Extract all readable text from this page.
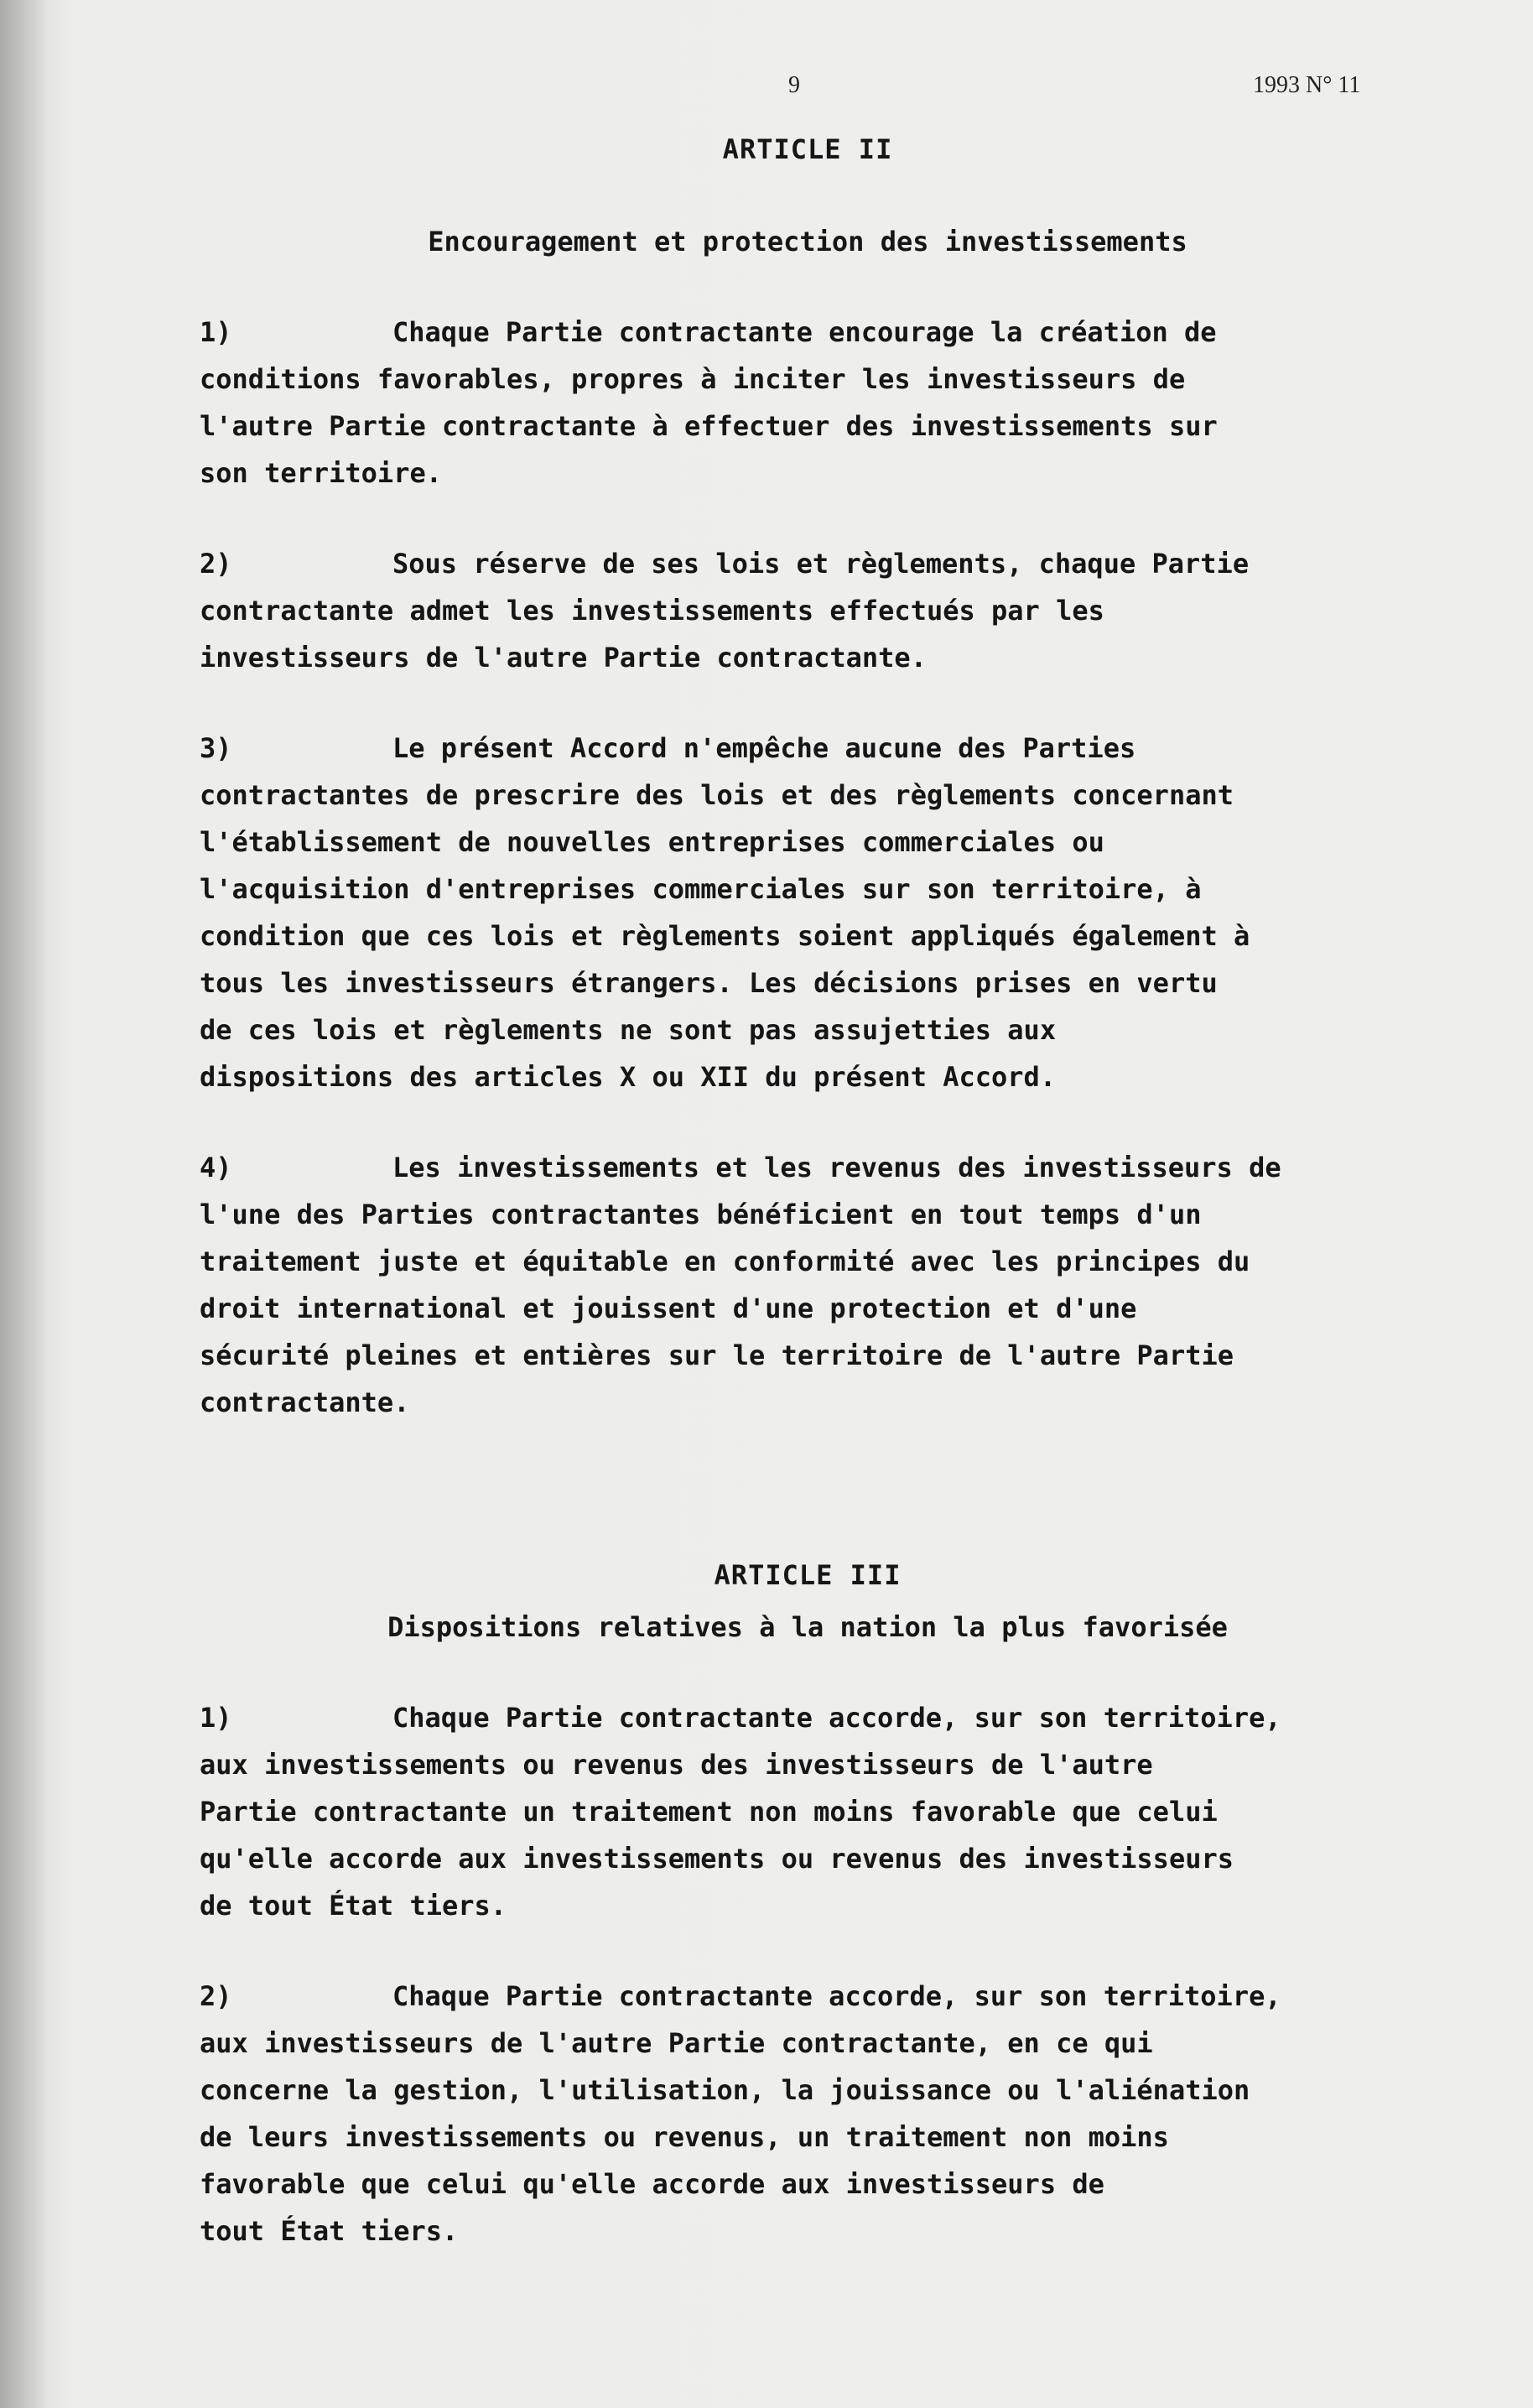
9	1993 N° 11
ARTICLE II
Encouragement et protection des investissements

1)	Chaque Partie contractante encourage la création de

conditions favorables, propres à inciter les investisseurs de

l'autre Partie contractante à effectuer des investissements sur

son territoire.

2)	Sous réserve de ses lois et règlements, chaque Partie

contractante admet les investissements effectués par les

investisseurs de l'autre Partie contractante.

3)	Le présent Accord n'empêche aucune des Parties

contractantes de prescrire des lois et des règlements concernant

l'établissement de nouvelles entreprises commerciales ou

l'acquisition d'entreprises commerciales sur son territoire, à

condition que ces lois et règlements soient appliqués également à

tous les investisseurs étrangers. Les décisions prises en vertu

de ces lois et règlements ne sont pas assujetties aux

dispositions des articles X ou XII du présent Accord.

4)	Les investissements et les revenus des investisseurs de

l'une des Parties contractantes bénéficient en tout temps d'un

traitement juste et équitable en conformité avec les principes du

droit international et jouissent d'une protection et d'une

sécurité pleines et entières sur le territoire de l'autre Partie

contractante.

ARTICLE III
Dispositions relatives à la nation la plus favorisée

1)	Chaque Partie contractante accorde, sur son territoire,

aux investissements ou revenus des investisseurs de l'autre

Partie contractante un traitement non moins favorable que celui

qu'elle accorde aux investissements ou revenus des investisseurs

de tout État tiers.

2)	Chaque Partie contractante accorde, sur son territoire,

aux investisseurs de l'autre Partie contractante, en ce qui

concerne la gestion, l'utilisation, la jouissance ou l'aliénation

de leurs investissements ou revenus, un traitement non moins

favorable que celui qu'elle accorde aux investisseurs de

tout État tiers.
